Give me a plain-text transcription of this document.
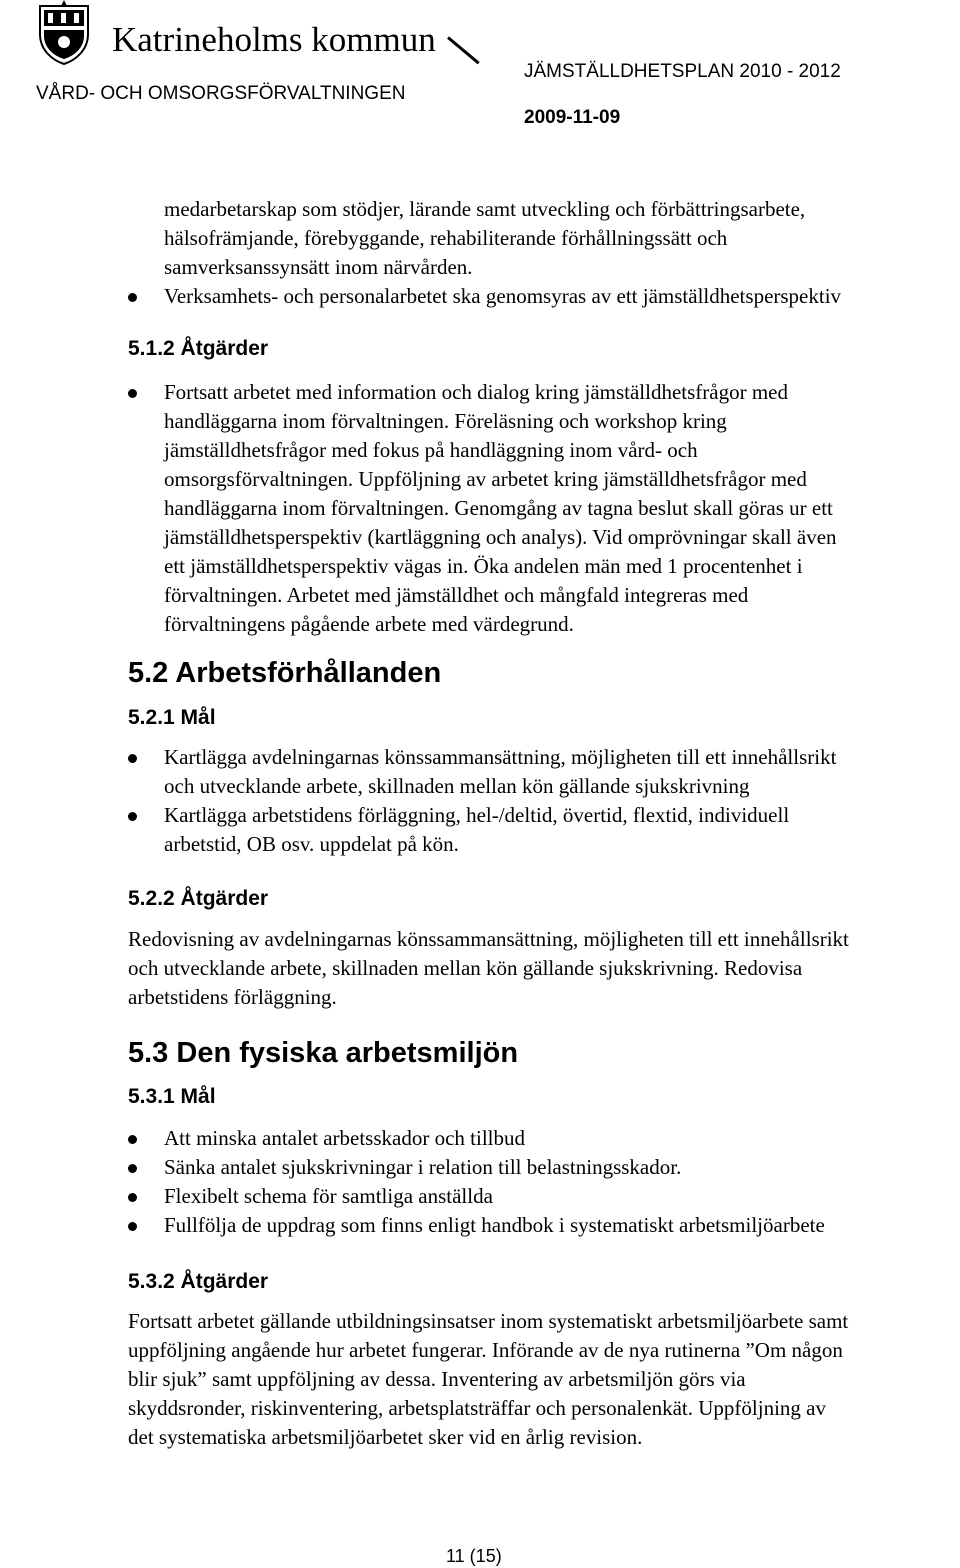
Katrineholms kommun
JÄMSTÄLLDHETSPLAN 2010 - 2012
VÅRD- OCH OMSORGSFÖRVALTNINGEN
2009-11-09
medarbetarskap som stödjer, lärande samt utveckling och förbättringsarbete,
hälsofrämjande, förebyggande, rehabiliterande förhållningssätt och
samverksanssynsätt inom närvården.
Verksamhets- och personalarbetet ska genomsyras av ett jämställdhetsperspektiv
5.1.2 Åtgärder
Fortsatt arbetet med information och dialog kring jämställdhetsfrågor med
handläggarna inom förvaltningen. Föreläsning och workshop kring
jämställdhetsfrågor med fokus på handläggning inom vård- och
omsorgsförvaltningen. Uppföljning av arbetet kring jämställdhetsfrågor med
handläggarna inom förvaltningen. Genomgång av tagna beslut skall göras ur ett
jämställdhetsperspektiv (kartläggning och analys). Vid omprövningar skall även
ett jämställdhetsperspektiv vägas in. Öka andelen män med 1 procentenhet i
förvaltningen. Arbetet med jämställdhet och mångfald integreras med
förvaltningens pågående arbete med värdegrund.
5.2 Arbetsförhållanden
5.2.1 Mål
Kartlägga avdelningarnas könssammansättning, möjligheten till ett innehållsrikt
och utvecklande arbete, skillnaden mellan kön gällande sjukskrivning
Kartlägga arbetstidens förläggning, hel-/deltid, övertid, flextid, individuell
arbetstid, OB osv. uppdelat på kön.
5.2.2 Åtgärder
Redovisning av avdelningarnas könssammansättning, möjligheten till ett innehållsrikt
och utvecklande arbete, skillnaden mellan kön gällande sjukskrivning. Redovisa
arbetstidens förläggning.
5.3 Den fysiska arbetsmiljön
5.3.1 Mål
Att minska antalet arbetsskador och tillbud
Sänka antalet sjukskrivningar i relation till belastningsskador.
Flexibelt schema för samtliga anställda
Fullfölja de uppdrag som finns enligt handbok i systematiskt arbetsmiljöarbete
5.3.2 Åtgärder
Fortsatt arbetet gällande utbildningsinsatser inom systematiskt arbetsmiljöarbete samt
uppföljning angående hur arbetet fungerar. Införande av de nya rutinerna ”Om någon
blir sjuk” samt uppföljning av dessa. Inventering av arbetsmiljön görs via
skyddsronder, riskinventering, arbetsplatsträffar och personalenkät. Uppföljning av
det systematiska arbetsmiljöarbetet sker vid en årlig revision.
11 (15)
